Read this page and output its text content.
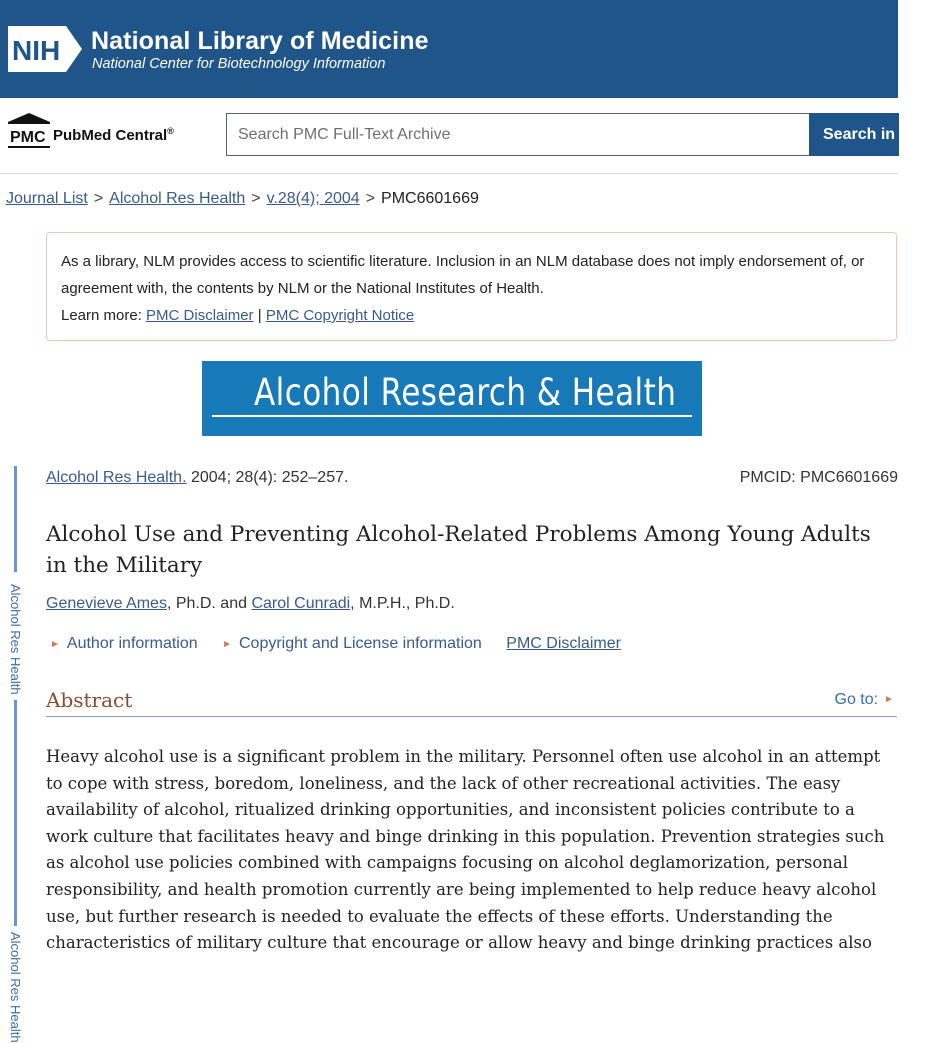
NIH National Library of Medicine
National Center for Biotechnology Information
PMC PubMed Central®
Search PMC Full-Text Archive	Search in PMC
Journal List > Alcohol Res Health > v.28(4); 2004 > PMC6601669
As a library, NLM provides access to scientific literature. Inclusion in an NLM database does not imply endorsement of, or agreement with, the contents by NLM or the National Institutes of Health.
Learn more: PMC Disclaimer | PMC Copyright Notice
Alcohol Research & Health
Alcohol Res Health
Alcohol Res Health
Alcohol Res Health. 2004; 28(4): 252–257.	PMCID: PMC6601669
Alcohol Use and Preventing Alcohol-Related Problems Among Young Adults in the Military
Genevieve Ames, Ph.D. and Carol Cunradi, M.P.H., Ph.D.
► Author information ► Copyright and License information PMC Disclaimer
Abstract	Go to: ►
Heavy alcohol use is a significant problem in the military. Personnel often use alcohol in an attempt to cope with stress, boredom, loneliness, and the lack of other recreational activities. The easy availability of alcohol, ritualized drinking opportunities, and inconsistent policies contribute to a work culture that facilitates heavy and binge drinking in this population. Prevention strategies such as alcohol use policies combined with campaigns focusing on alcohol deglamorization, personal responsibility, and health promotion currently are being implemented to help reduce heavy alcohol use, but further research is needed to evaluate the effects of these efforts. Understanding the characteristics of military culture that encourage or allow heavy and binge drinking practices also
